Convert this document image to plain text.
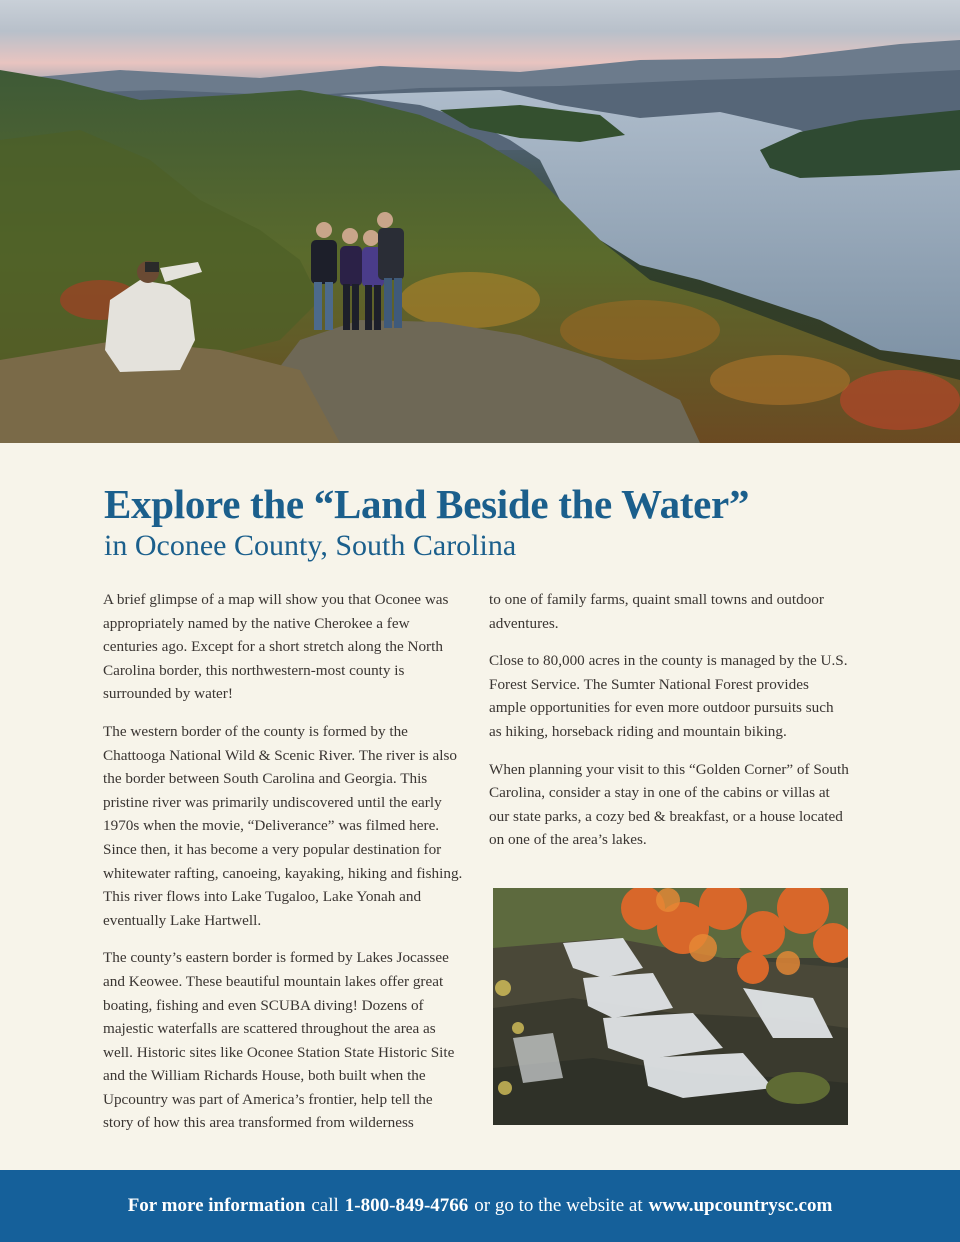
Explore the “Land Beside the Water”
in Oconee County, South Carolina

A brief glimpse of a map will show you that Oconee was appropriately named by the native Cherokee a few centuries ago. Except for a short stretch along the North Carolina border, this northwestern-most county is surrounded by water!

The western border of the county is formed by the Chattooga National Wild & Scenic River. The river is also the border between South Carolina and Georgia. This pristine river was primarily undiscovered until the early 1970s when the movie, “Deliverance” was filmed here. Since then, it has become a very popular destination for whitewater rafting, canoeing, kayaking, hiking and fishing. This river flows into Lake Tugaloo, Lake Yonah and eventually Lake Hartwell.

The county’s eastern border is formed by Lakes Jocassee and Keowee. These beautiful mountain lakes offer great boating, fishing and even SCUBA diving! Dozens of majestic waterfalls are scattered throughout the area as well. Historic sites like Oconee Station State Historic Site and the William Richards House, both built when the Upcountry was part of America’s frontier, help tell the story of how this area transformed from wilderness

to one of family farms, quaint small towns and outdoor adventures.

Close to 80,000 acres in the county is managed by the U.S. Forest Service. The Sumter National Forest provides ample opportunities for even more outdoor pursuits such as hiking, horseback riding and mountain biking.

When planning your visit to this “Golden Corner” of South Carolina, consider a stay in one of the cabins or villas at our state parks, a cozy bed & breakfast, or a house located on one of the area’s lakes.

For more information call 1-800-849-4766 or go to the website at www.upcountrysc.com
